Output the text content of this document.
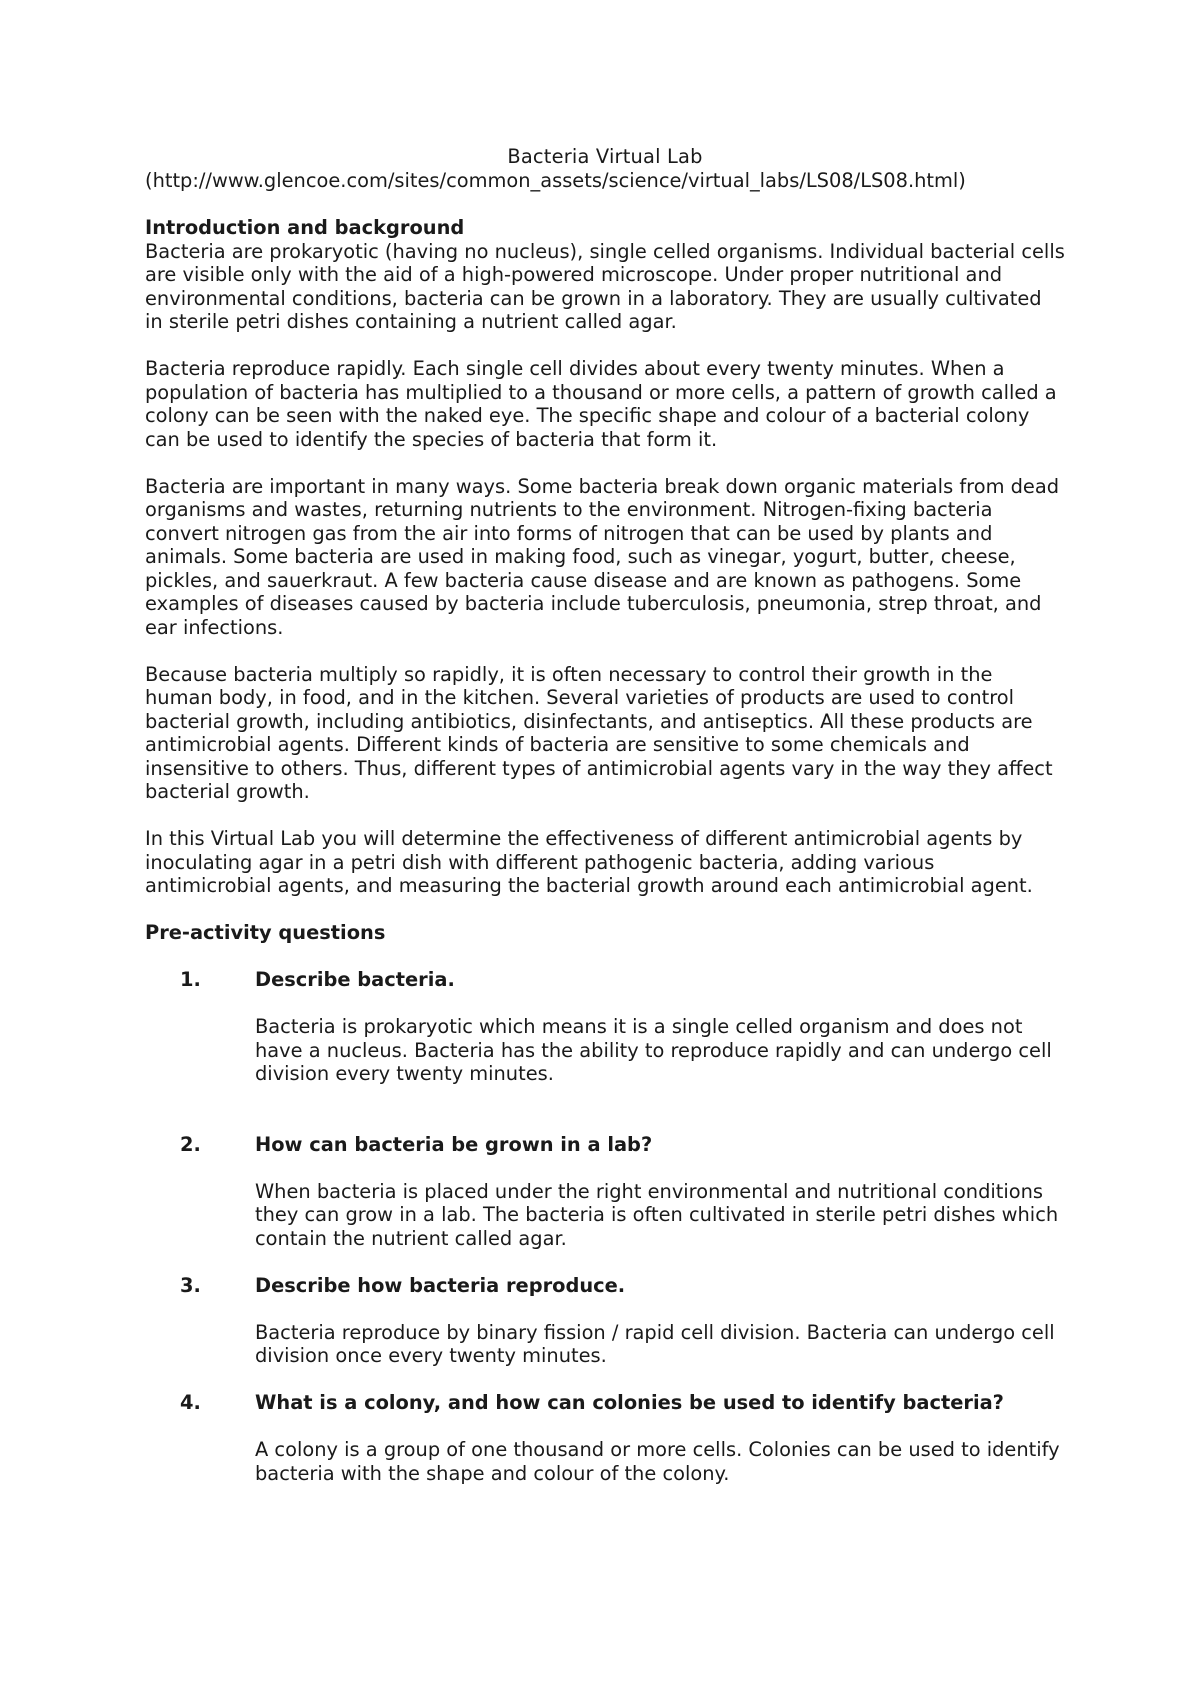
Bacteria Virtual Lab

(http://www.glencoe.com/sites/common_assets/science/virtual_labs/LS08/LS08.html)

Introduction and background

Bacteria are prokaryotic (having no nucleus), single celled organisms. Individual bacterial cells are visible only with the aid of a high-powered microscope. Under proper nutritional and environmental conditions, bacteria can be grown in a laboratory. They are usually cultivated in sterile petri dishes containing a nutrient called agar.

Bacteria reproduce rapidly. Each single cell divides about every twenty minutes. When a population of bacteria has multiplied to a thousand or more cells, a pattern of growth called a colony can be seen with the naked eye. The specific shape and colour of a bacterial colony can be used to identify the species of bacteria that form it.

Bacteria are important in many ways. Some bacteria break down organic materials from dead organisms and wastes, returning nutrients to the environment. Nitrogen-fixing bacteria convert nitrogen gas from the air into forms of nitrogen that can be used by plants and animals. Some bacteria are used in making food, such as vinegar, yogurt, butter, cheese, pickles, and sauerkraut. A few bacteria cause disease and are known as pathogens. Some examples of diseases caused by bacteria include tuberculosis, pneumonia, strep throat, and ear infections.

Because bacteria multiply so rapidly, it is often necessary to control their growth in the human body, in food, and in the kitchen. Several varieties of products are used to control bacterial growth, including antibiotics, disinfectants, and antiseptics. All these products are antimicrobial agents. Different kinds of bacteria are sensitive to some chemicals and insensitive to others. Thus, different types of antimicrobial agents vary in the way they affect bacterial growth.

In this Virtual Lab you will determine the effectiveness of different antimicrobial agents by inoculating agar in a petri dish with different pathogenic bacteria, adding various antimicrobial agents, and measuring the bacterial growth around each antimicrobial agent.

Pre-activity questions
1.	Describe bacteria.

Bacteria is prokaryotic which means it is a single celled organism and does not have a nucleus. Bacteria has the ability to reproduce rapidly and can undergo cell division every twenty minutes.

2.	How can bacteria be grown in a lab?

When bacteria is placed under the right environmental and nutritional conditions they can grow in a lab. The bacteria is often cultivated in sterile petri dishes which contain the nutrient called agar.

3.	Describe how bacteria reproduce.

Bacteria reproduce by binary fission / rapid cell division. Bacteria can undergo cell division once every twenty minutes.

4.	What is a colony, and how can colonies be used to identify bacteria?

A colony is a group of one thousand or more cells. Colonies can be used to identify bacteria with the shape and colour of the colony.
